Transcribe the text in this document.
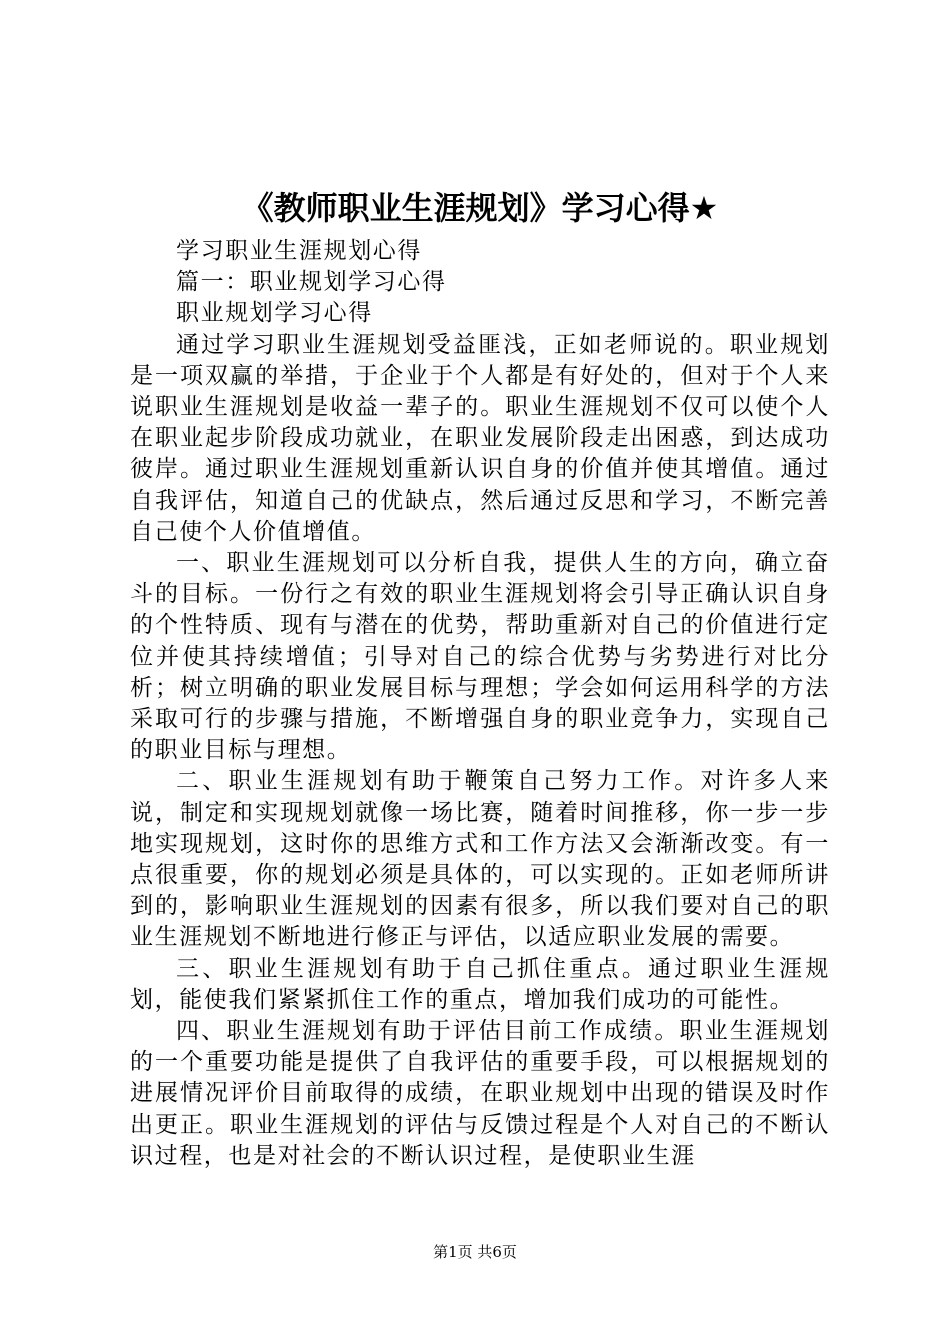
《教师职业生涯规划》学习心得★

学习职业生涯规划心得

篇一：职业规划学习心得

职业规划学习心得

通过学习职业生涯规划受益匪浅，正如老师说的。职业规划是一项双赢的举措，于企业于个人都是有好处的，但对于个人来说职业生涯规划是收益一辈子的。职业生涯规划不仅可以使个人在职业起步阶段成功就业，在职业发展阶段走出困惑，到达成功彼岸。通过职业生涯规划重新认识自身的价值并使其增值。通过自我评估，知道自己的优缺点，然后通过反思和学习，不断完善自己使个人价值增值。

一、职业生涯规划可以分析自我，提供人生的方向，确立奋斗的目标。一份行之有效的职业生涯规划将会引导正确认识自身的个性特质、现有与潜在的优势，帮助重新对自己的价值进行定位并使其持续增值；引导对自己的综合优势与劣势进行对比分析；树立明确的职业发展目标与理想；学会如何运用科学的方法采取可行的步骤与措施，不断增强自身的职业竞争力，实现自己的职业目标与理想。

二、职业生涯规划有助于鞭策自己努力工作。对许多人来说，制定和实现规划就像一场比赛，随着时间推移，你一步一步地实现规划，这时你的思维方式和工作方法又会渐渐改变。有一点很重要，你的规划必须是具体的，可以实现的。正如老师所讲到的，影响职业生涯规划的因素有很多，所以我们要对自己的职业生涯规划不断地进行修正与评估，以适应职业发展的需要。

三、职业生涯规划有助于自己抓住重点。通过职业生涯规划，能使我们紧紧抓住工作的重点，增加我们成功的可能性。

四、职业生涯规划有助于评估目前工作成绩。职业生涯规划的一个重要功能是提供了自我评估的重要手段，可以根据规划的进展情况评价目前取得的成绩，在职业规划中出现的错误及时作出更正。职业生涯规划的评估与反馈过程是个人对自己的不断认识过程，也是对社会的不断认识过程，是使职业生涯

第1页 共6页
